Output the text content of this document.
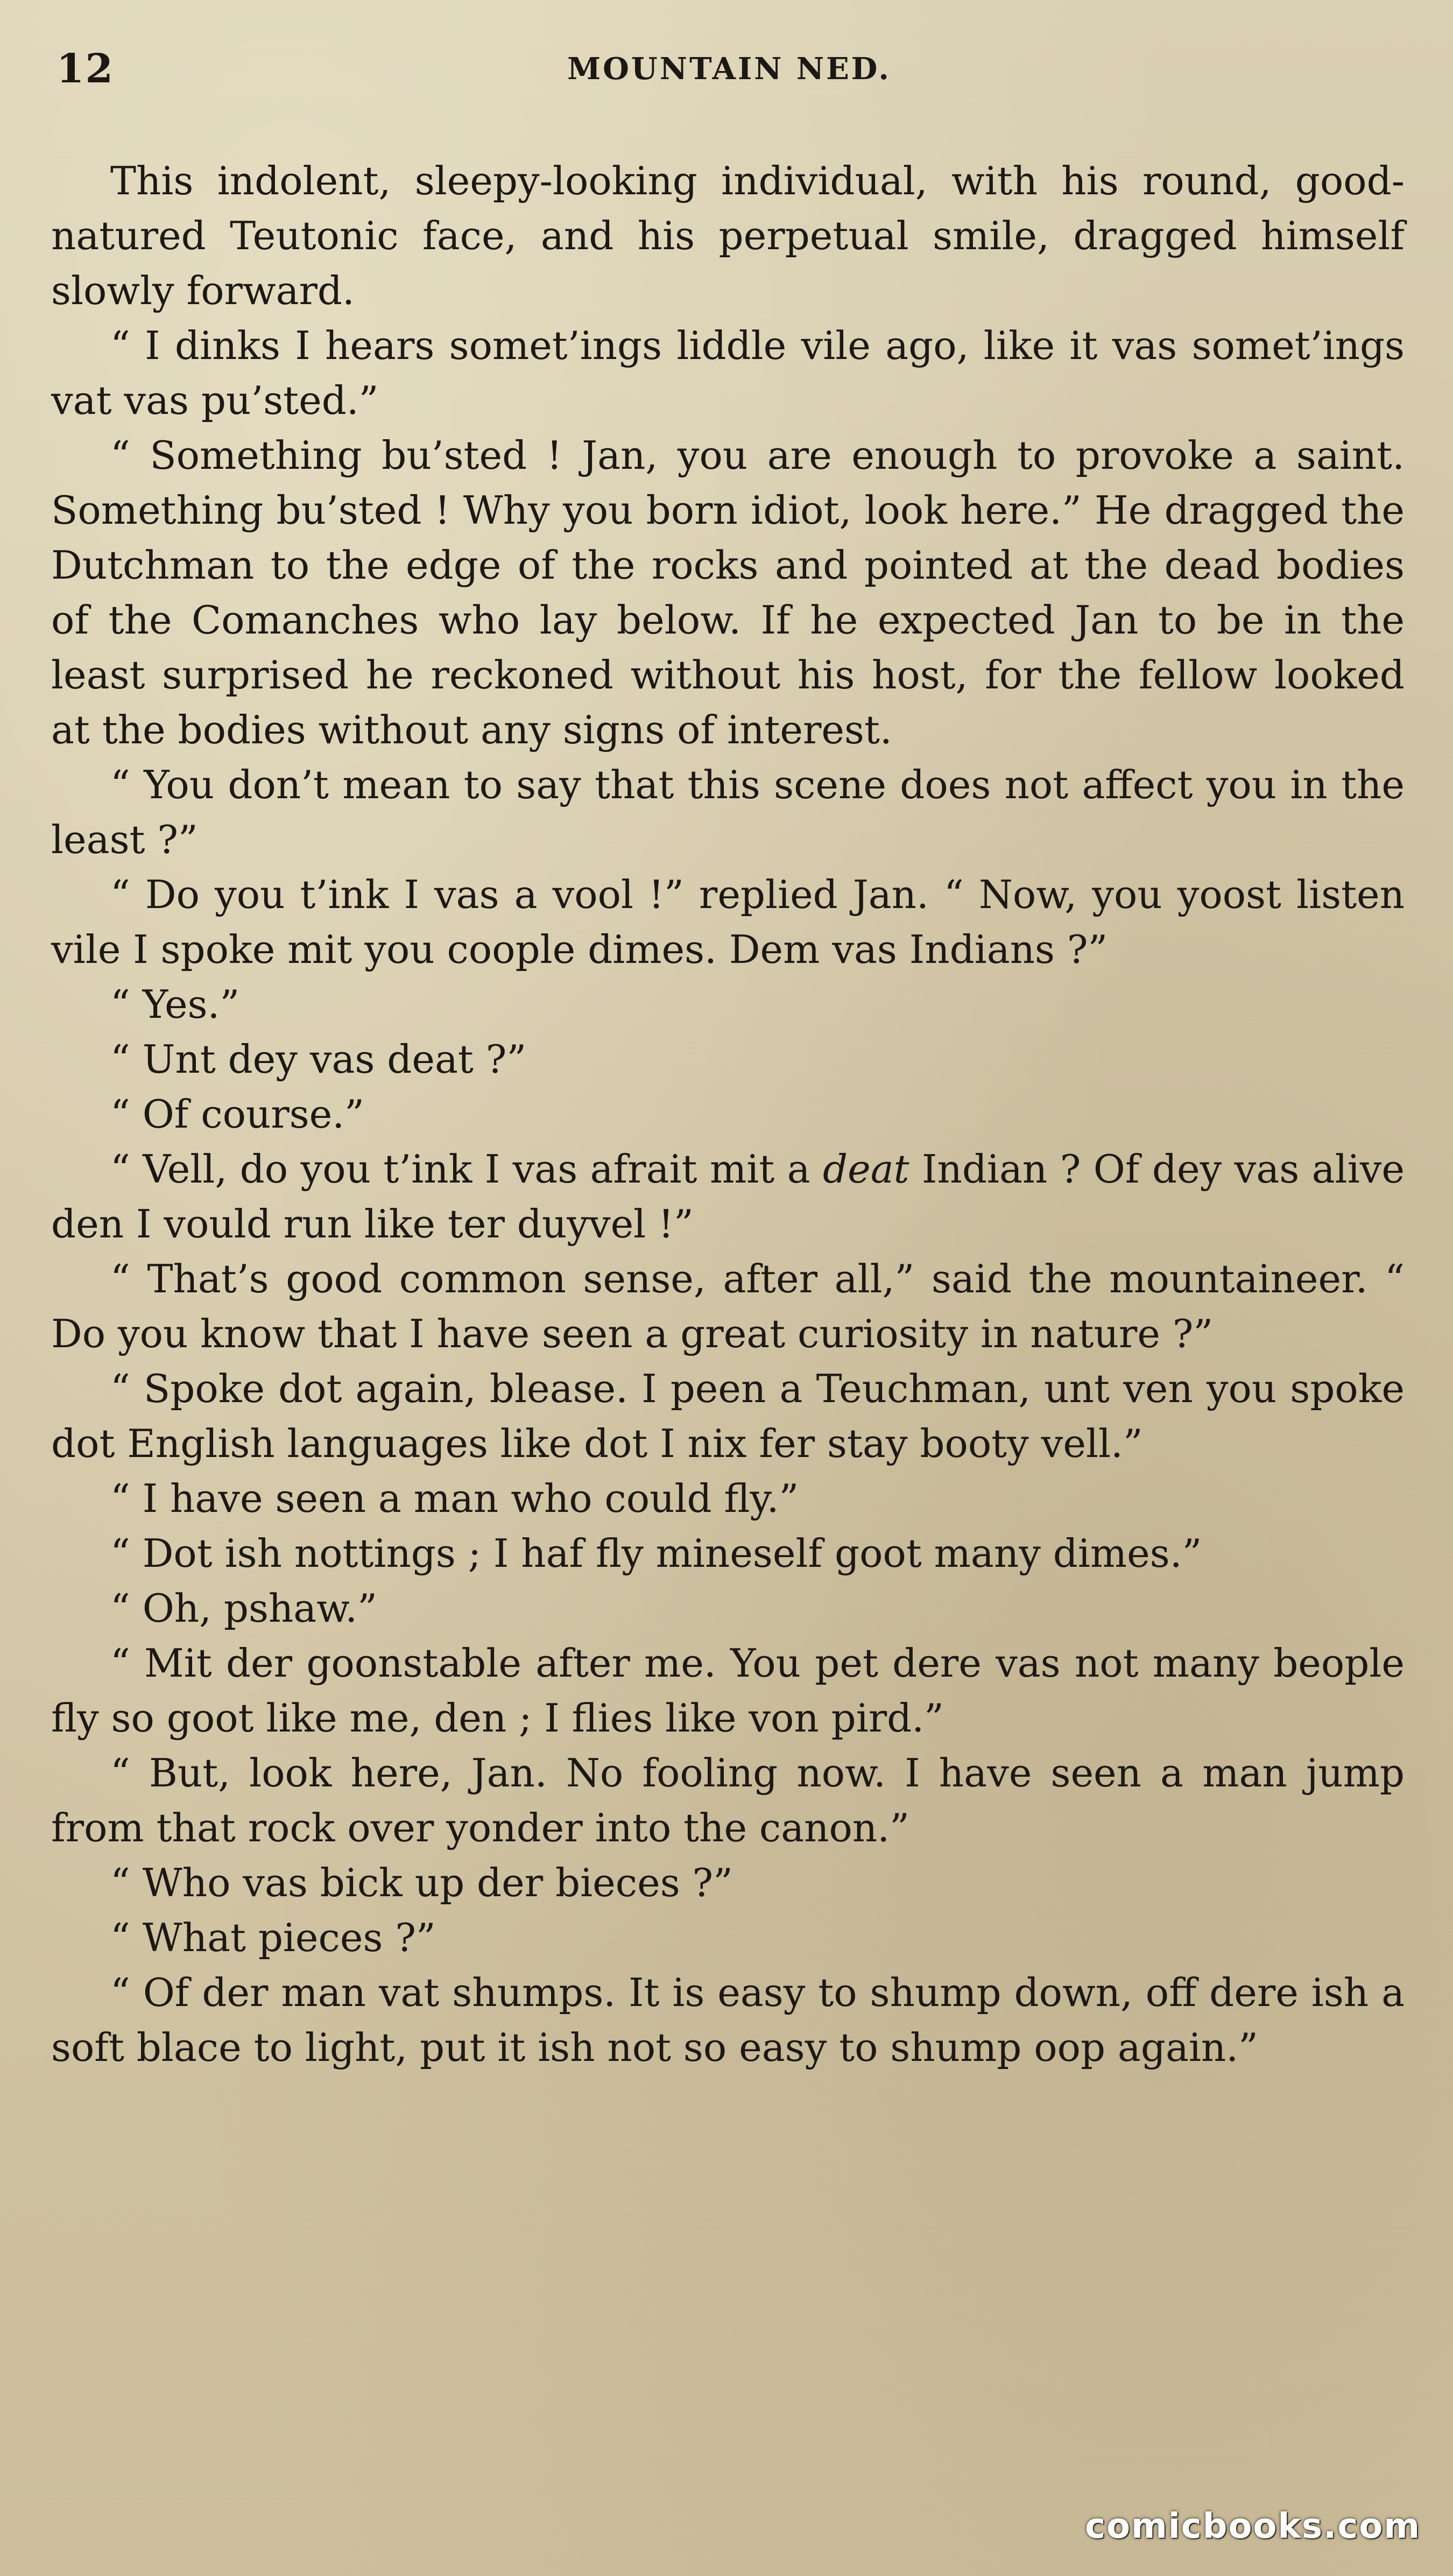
12	MOUNTAIN NED.

This indolent, sleepy-looking individual, with his round, good-natured Teutonic face, and his perpetual smile, dragged himself slowly forward.

“ I dinks I hears somet’ings liddle vile ago, like it vas somet’ings vat vas pu’sted.”

“ Something bu’sted ! Jan, you are enough to provoke a saint. Something bu’sted ! Why you born idiot, look here.” He dragged the Dutchman to the edge of the rocks and pointed at the dead bodies of the Comanches who lay below. If he expected Jan to be in the least surprised he reckoned without his host, for the fellow looked at the bodies without any signs of interest.

“ You don’t mean to say that this scene does not affect you in the least ?”

“ Do you t’ink I vas a vool !” replied Jan. “ Now, you yoost listen vile I spoke mit you coople dimes. Dem vas Indians ?”

“ Yes.”

“ Unt dey vas deat ?”

“ Of course.”

“ Vell, do you t’ink I vas afrait mit a deat Indian ? Of dey vas alive den I vould run like ter duyvel !”

“ That’s good common sense, after all,” said the mountaineer. “ Do you know that I have seen a great curiosity in nature ?”

“ Spoke dot again, blease. I peen a Teuchman, unt ven you spoke dot English languages like dot I nix fer stay booty vell.”

“ I have seen a man who could fly.”

“ Dot ish nottings ; I haf fly mineself goot many dimes.”

“ Oh, pshaw.”

“ Mit der goonstable after me. You pet dere vas not many beople fly so goot like me, den ; I flies like von pird.”

“ But, look here, Jan. No fooling now. I have seen a man jump from that rock over yonder into the canon.”

“ Who vas bick up der bieces ?”

“ What pieces ?”

“ Of der man vat shumps. It is easy to shump down, off dere ish a soft blace to light, put it ish not so easy to shump oop again.”

comicbooks.com
